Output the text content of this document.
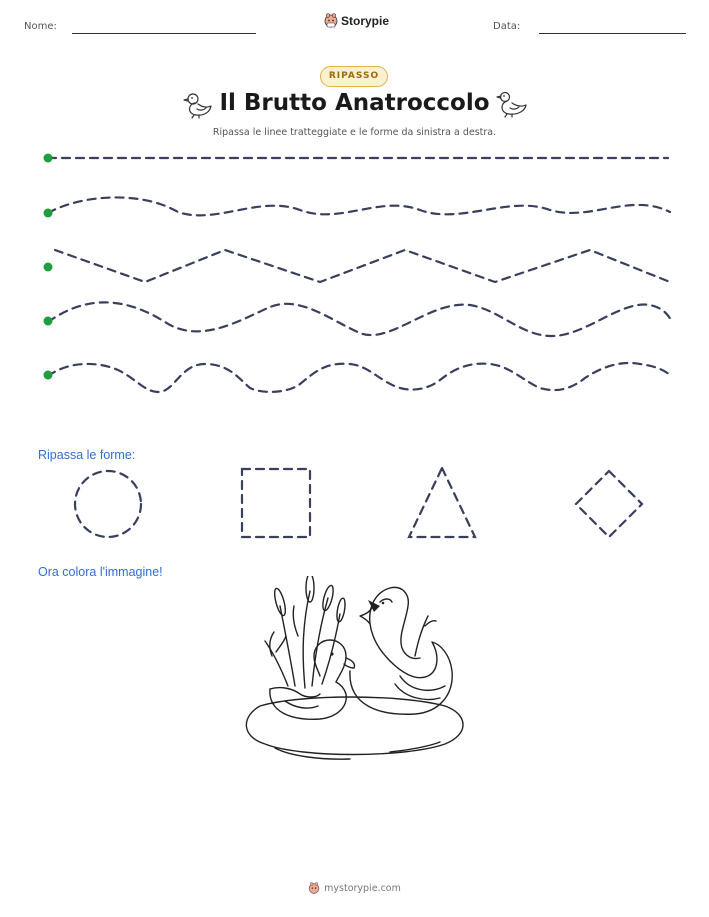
Nome:	Storypie	Data:
RIPASSO
Il Brutto Anatroccolo
Ripassa le linee tratteggiate e le forme da sinistra a destra.
Ripassa le forme:
Ora colora l'immagine!
mystorypie.com
